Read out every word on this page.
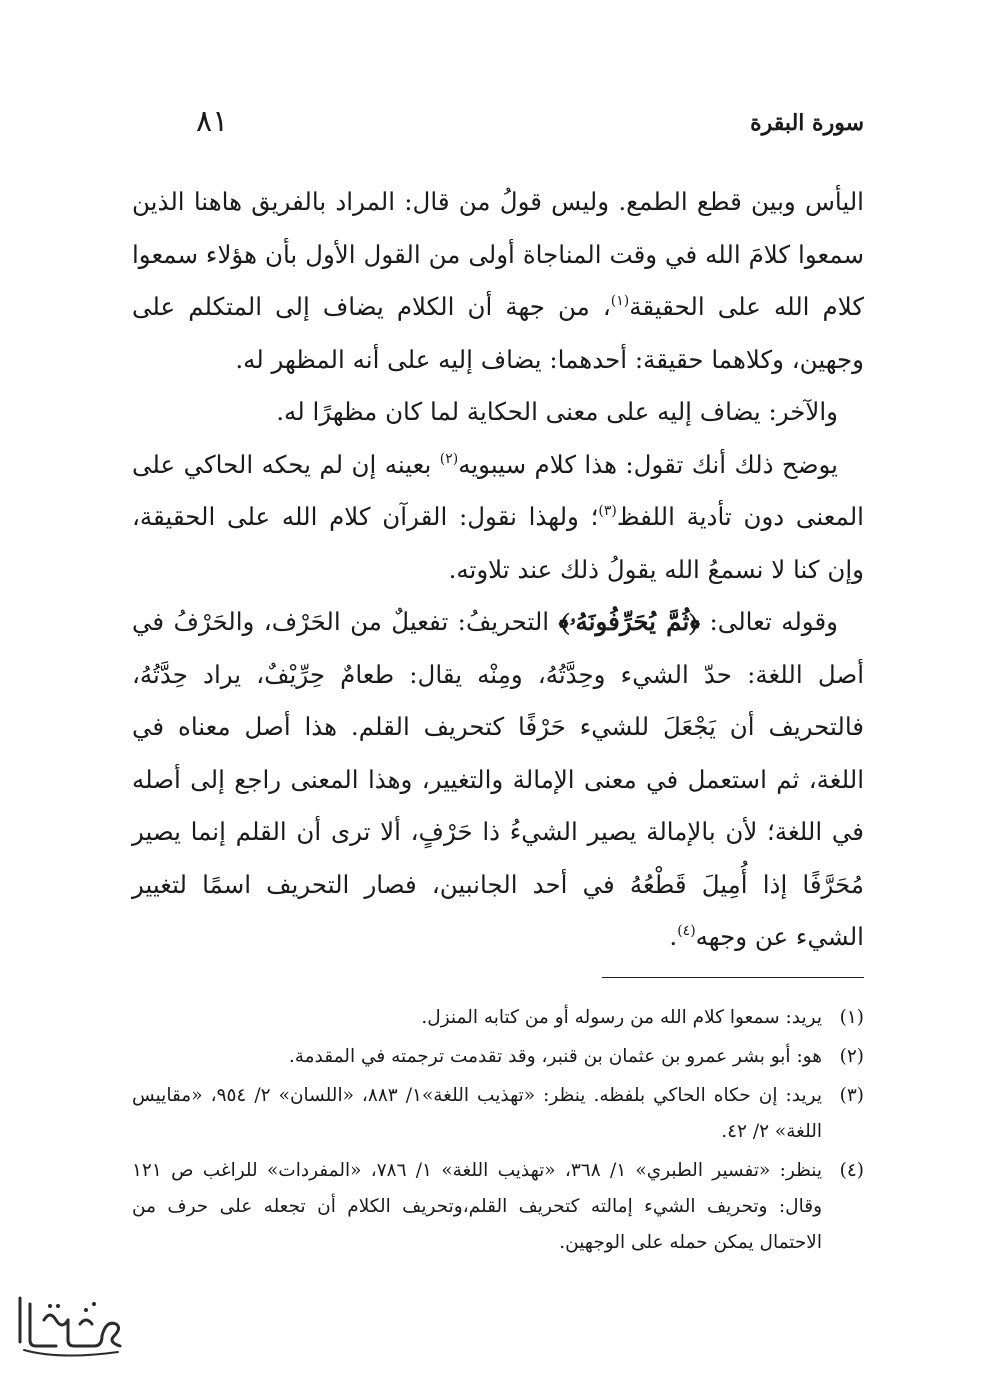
سورة البقرة
٨١

اليأس وبين قطع الطمع. وليس قولُ من قال: المراد بالفريق هاهنا الذين سمعوا كلامَ الله في وقت المناجاة أولى من القول الأول بأن هؤلاء سمعوا كلام الله على الحقيقة$^{(١)}$، من جهة أن الكلام يضاف إلى المتكلم على وجهين، وكلاهما حقيقة: أحدهما: يضاف إليه على أنه المظهر له.

والآخر: يضاف إليه على معنى الحكاية لما كان مظهرًا له.

يوضح ذلك أنك تقول: هذا كلام سيبويه$^{(٢)}$ بعينه إن لم يحكه الحاكي على المعنى دون تأدية اللفظ$^{(٣)}$؛ ولهذا نقول: القرآن كلام الله على الحقيقة، وإن كنا لا نسمعُ الله يقولُ ذلك عند تلاوته.

وقوله تعالى: ﴿ثُمَّ يُحَرِّفُونَهُۥ﴾ التحريفُ: تفعيلٌ من الحَرْف، والحَرْفُ في أصل اللغة: حدّ الشيء وحِدَّتُهُ، ومِنْه يقال: طعامٌ حِرِّيْفٌ، يراد حِدَّتُهُ، فالتحريف أن يَجْعَلَ للشيء حَرْفًا كتحريف القلم. هذا أصل معناه في اللغة، ثم استعمل في معنى الإمالة والتغيير، وهذا المعنى راجع إلى أصله في اللغة؛ لأن بالإمالة يصير الشيءُ ذا حَرْفٍ، ألا ترى أن القلم إنما يصير مُحَرَّفًا إذا أُمِيلَ قَطْعُهُ في أحد الجانبين، فصار التحريف اسمًا لتغيير الشيء عن وجهه$^{(٤)}$.

(١)
يريد: سمعوا كلام الله من رسوله أو من كتابه المنزل.
(٢)
هو: أبو بشر عمرو بن عثمان بن قنبر، وقد تقدمت ترجمته في المقدمة.
(٣)
يريد: إن حكاه الحاكي بلفظه. ينظر: «تهذيب اللغة»١/ ٨٨٣، «اللسان» ٢/ ٩٥٤، «مقاييس اللغة» ٢/ ٤٢.
(٤)
ينظر: «تفسير الطبري» ١/ ٣٦٨، «تهذيب اللغة» ١/ ٧٨٦، «المفردات» للراغب ص ١٢١ وقال: وتحريف الشيء إمالته كتحريف القلم،وتحريف الكلام أن تجعله على حرف من الاحتمال يمكن حمله على الوجهين.
